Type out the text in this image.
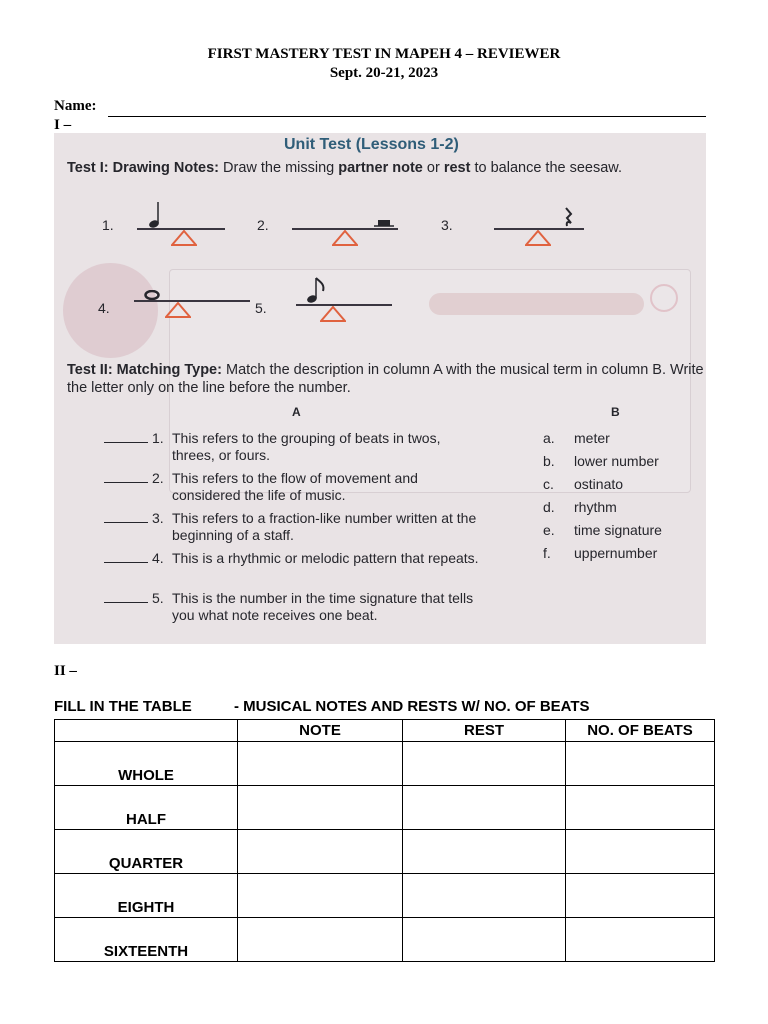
FIRST MASTERY TEST IN MAPEH 4 – REVIEWER
Sept. 20-21, 2023
Name:
I –
Unit Test (Lessons 1-2)
Test I: Drawing Notes: Draw the missing partner note or rest to balance the seesaw.
1.	2.	3.
4.	5.
Test II: Matching Type: Match the description in column A with the musical term in column B. Write the letter only on the line before the number.
A	B
1. This refers to the grouping of beats in twos, threes, or fours.
2. This refers to the flow of movement and considered the life of music.
3. This refers to a fraction-like number written at the beginning of a staff.
4. This is a rhythmic or melodic pattern that repeats.
5. This is the number in the time signature that tells you what note receives one beat.
a. meter
b. lower number
c. ostinato
d. rhythm
e. time signature
f. uppernumber
II –
FILL IN THE TABLE	- MUSICAL NOTES AND RESTS W/ NO. OF BEATS
	NOTE	REST	NO. OF BEATS
WHOLE			
HALF			
QUARTER			
EIGHTH			
SIXTEENTH			
